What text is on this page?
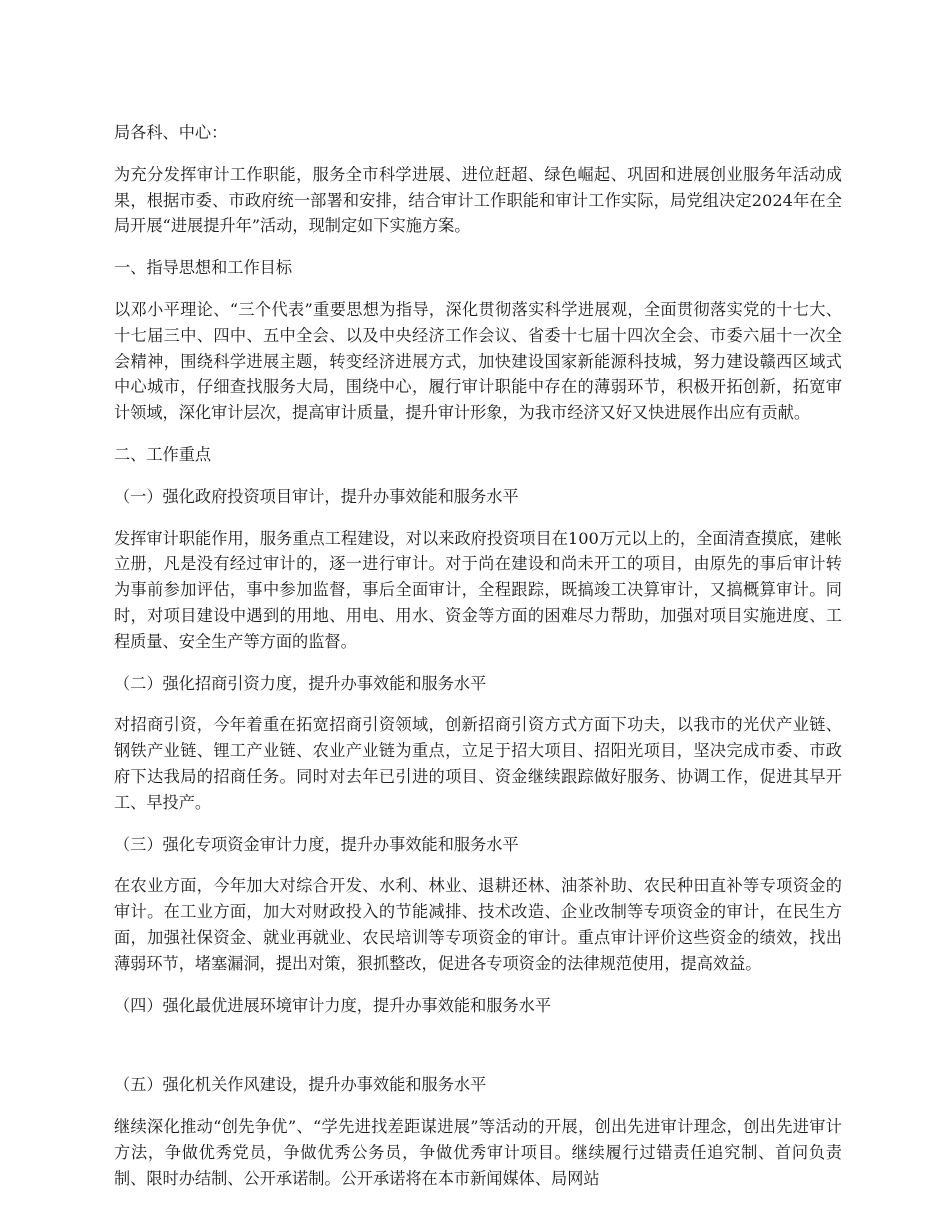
局各科、中心：

为充分发挥审计工作职能，服务全市科学进展、进位赶超、绿色崛起、巩固和进展创业服务年活动成果，根据市委、市政府统一部署和安排，结合审计工作职能和审计工作实际，局党组决定2024年在全局开展“进展提升年”活动，现制定如下实施方案。

一、指导思想和工作目标

以邓小平理论、“三个代表”重要思想为指导，深化贯彻落实科学进展观，全面贯彻落实党的十七大、十七届三中、四中、五中全会、以及中央经济工作会议、省委十七届十四次全会、市委六届十一次全会精神，围绕科学进展主题，转变经济进展方式，加快建设国家新能源科技城，努力建设赣西区域式中心城市，仔细查找服务大局，围绕中心，履行审计职能中存在的薄弱环节，积极开拓创新，拓宽审计领域，深化审计层次，提高审计质量，提升审计形象，为我市经济又好又快进展作出应有贡献。

二、工作重点

（一）强化政府投资项目审计，提升办事效能和服务水平

发挥审计职能作用，服务重点工程建设，对以来政府投资项目在100万元以上的，全面清查摸底，建帐立册，凡是没有经过审计的，逐一进行审计。对于尚在建设和尚未开工的项目，由原先的事后审计转为事前参加评估，事中参加监督，事后全面审计，全程跟踪，既搞竣工决算审计，又搞概算审计。同时，对项目建设中遇到的用地、用电、用水、资金等方面的困难尽力帮助，加强对项目实施进度、工程质量、安全生产等方面的监督。

（二）强化招商引资力度，提升办事效能和服务水平

对招商引资，今年着重在拓宽招商引资领域，创新招商引资方式方面下功夫，以我市的光伏产业链、钢铁产业链、锂工产业链、农业产业链为重点，立足于招大项目、招阳光项目，坚决完成市委、市政府下达我局的招商任务。同时对去年已引进的项目、资金继续跟踪做好服务、协调工作，促进其早开工、早投产。

（三）强化专项资金审计力度，提升办事效能和服务水平

在农业方面，今年加大对综合开发、水利、林业、退耕还林、油茶补助、农民种田直补等专项资金的审计。在工业方面，加大对财政投入的节能减排、技术改造、企业改制等专项资金的审计，在民生方面，加强社保资金、就业再就业、农民培训等专项资金的审计。重点审计评价这些资金的绩效，找出薄弱环节，堵塞漏洞，提出对策，狠抓整改，促进各专项资金的法律规范使用，提高效益。

（四）强化最优进展环境审计力度，提升办事效能和服务水平

（五）强化机关作风建设，提升办事效能和服务水平

继续深化推动“创先争优”、“学先进找差距谋进展”等活动的开展，创出先进审计理念，创出先进审计方法，争做优秀党员，争做优秀公务员，争做优秀审计项目。继续履行过错责任追究制、首问负责制、限时办结制、公开承诺制。公开承诺将在本市新闻媒体、局网站
